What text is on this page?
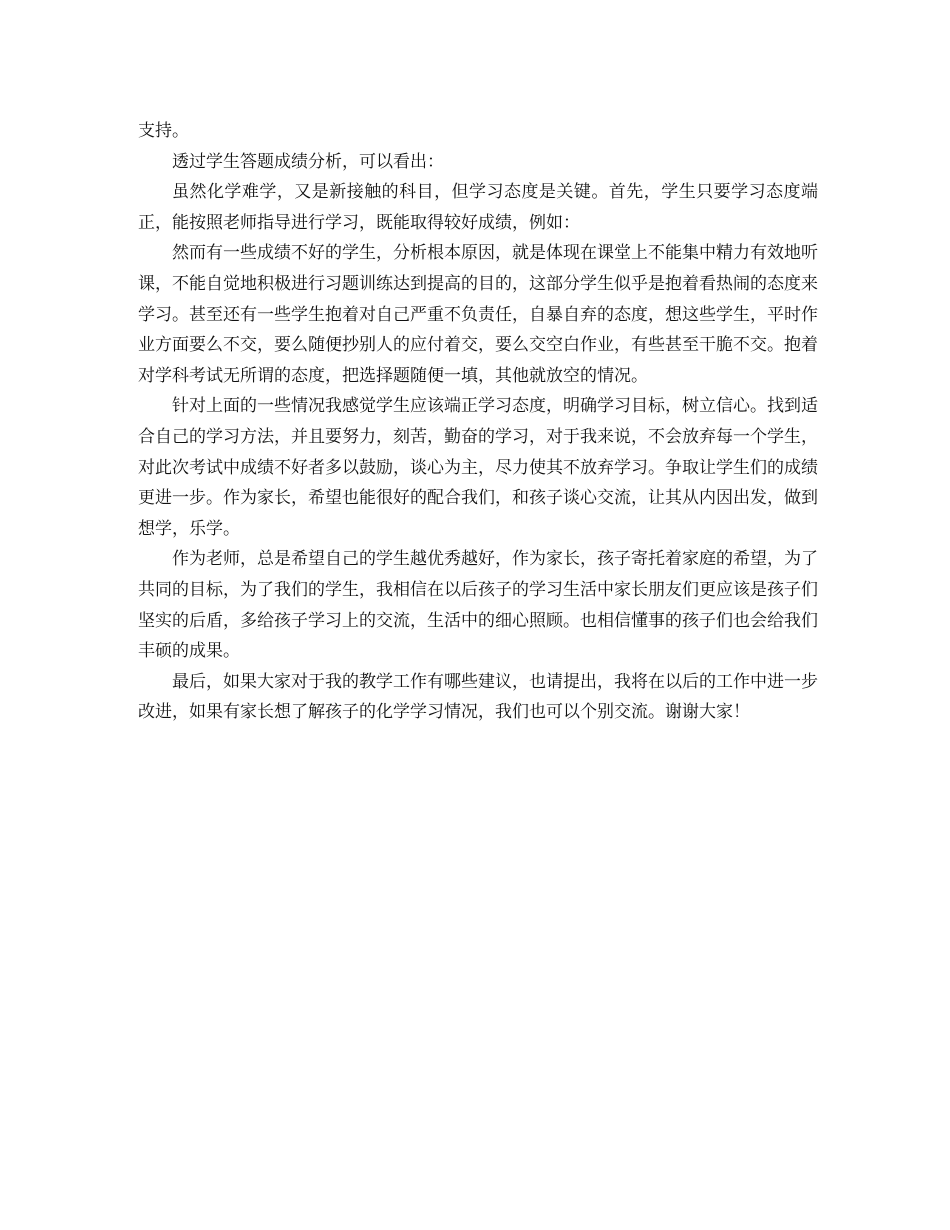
支持。

透过学生答题成绩分析，可以看出：

虽然化学难学，又是新接触的科目，但学习态度是关键。首先，学生只要学习态度端正，能按照老师指导进行学习，既能取得较好成绩，例如：

然而有一些成绩不好的学生，分析根本原因，就是体现在课堂上不能集中精力有效地听课，不能自觉地积极进行习题训练达到提高的目的，这部分学生似乎是抱着看热闹的态度来学习。甚至还有一些学生抱着对自己严重不负责任，自暴自弃的态度，想这些学生，平时作业方面要么不交，要么随便抄别人的应付着交，要么交空白作业，有些甚至干脆不交。抱着对学科考试无所谓的态度，把选择题随便一填，其他就放空的情况。

针对上面的一些情况我感觉学生应该端正学习态度，明确学习目标，树立信心。找到适合自己的学习方法，并且要努力，刻苦，勤奋的学习，对于我来说，不会放弃每一个学生，对此次考试中成绩不好者多以鼓励，谈心为主，尽力使其不放弃学习。争取让学生们的成绩更进一步。作为家长，希望也能很好的配合我们，和孩子谈心交流，让其从内因出发，做到想学，乐学。

作为老师，总是希望自己的学生越优秀越好，作为家长，孩子寄托着家庭的希望，为了共同的目标，为了我们的学生，我相信在以后孩子的学习生活中家长朋友们更应该是孩子们坚实的后盾，多给孩子学习上的交流，生活中的细心照顾。也相信懂事的孩子们也会给我们丰硕的成果。

最后，如果大家对于我的教学工作有哪些建议，也请提出，我将在以后的工作中进一步改进，如果有家长想了解孩子的化学学习情况，我们也可以个别交流。谢谢大家！
